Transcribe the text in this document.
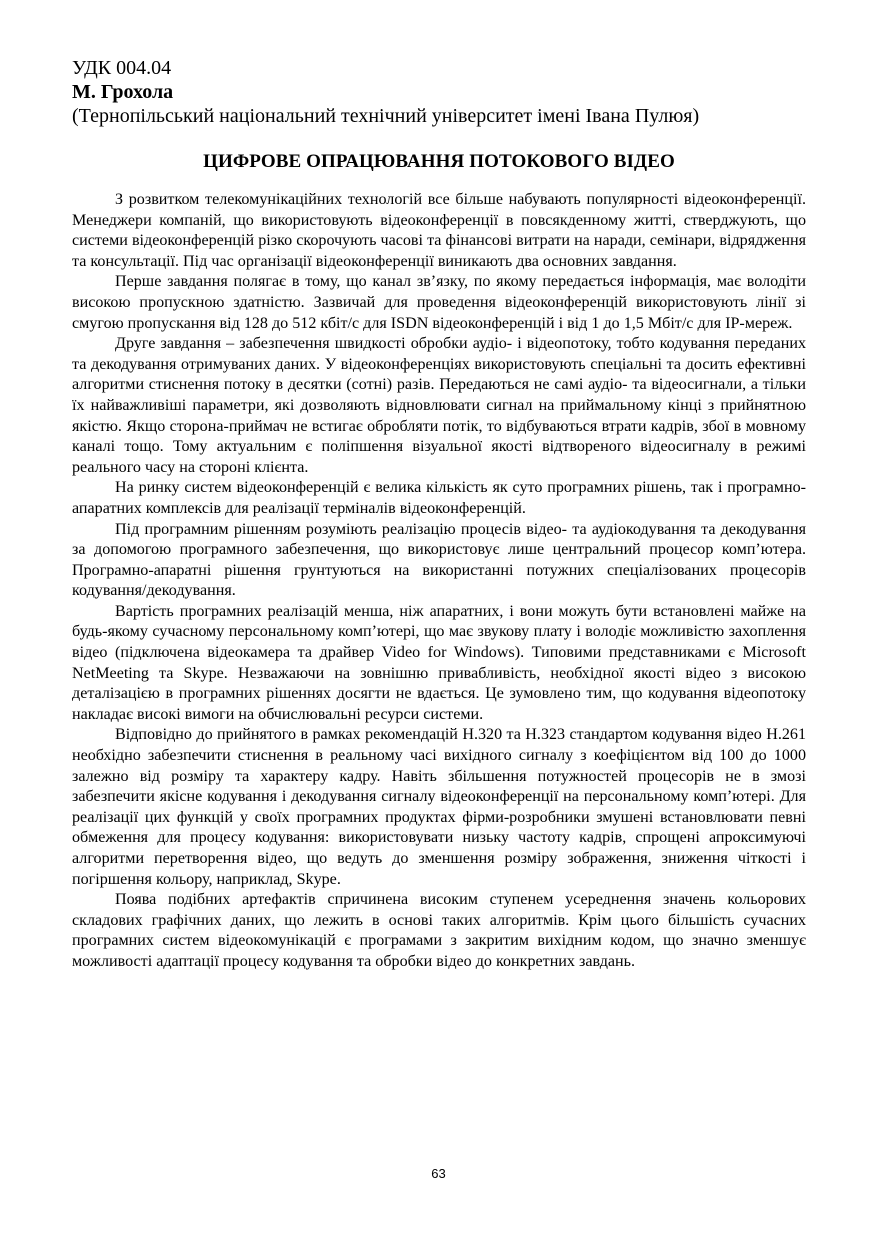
УДК 004.04

М. Грохола

(Тернопільський національний технічний університет імені Івана Пулюя)

ЦИФРОВЕ ОПРАЦЮВАННЯ ПОТОКОВОГО ВІДЕО

З розвитком телекомунікаційних технологій все більше набувають популярності відеоконференції. Менеджери компаній, що використовують відеоконференції в повсякденному житті, стверджують, що системи відеоконференцій різко скорочують часові та фінансові витрати на наради, семінари, відрядження та консультації. Під час організації відеоконференції виникають два основних завдання.

Перше завдання полягає в тому, що канал зв’язку, по якому передається інформація, має володіти високою пропускною здатністю. Зазвичай для проведення відеоконференцій використовують лінії зі смугою пропускання від 128 до 512 кбіт/с для ISDN відеоконференцій і від 1 до 1,5 Мбіт/с для IP-мереж.

Друге завдання – забезпечення швидкості обробки аудіо- і відеопотоку, тобто кодування переданих та декодування отримуваних даних. У відеоконференціях використовують спеціальні та досить ефективні алгоритми стиснення потоку в десятки (сотні) разів. Передаються не самі аудіо- та відеосигнали, а тільки їх найважливіші параметри, які дозволяють відновлювати сигнал на приймальному кінці з прийнятною якістю. Якщо сторона-приймач не встигає обробляти потік, то відбуваються втрати кадрів, збої в мовному каналі тощо. Тому актуальним є поліпшення візуальної якості відтвореного відеосигналу в режимі реального часу на стороні клієнта.

На ринку систем відеоконференцій є велика кількість як суто програмних рішень, так і програмно-апаратних комплексів для реалізації терміналів відеоконференцій.

Під програмним рішенням розуміють реалізацію процесів відео- та аудіокодування та декодування за допомогою програмного забезпечення, що використовує лише центральний процесор комп’ютера. Програмно-апаратні рішення грунтуються на використанні потужних спеціалізованих процесорів кодування/декодування.

Вартість програмних реалізацій менша, ніж апаратних, і вони можуть бути встановлені майже на будь-якому сучасному персональному комп’ютері, що має звукову плату і володіє можливістю захоплення відео (підключена відеокамера та драйвер Video for Windows). Типовими представниками є Microsoft NetMeeting та Skype. Незважаючи на зовнішню привабливість, необхідної якості відео з високою деталізацією в програмних рішеннях досягти не вдається. Це зумовлено тим, що кодування відеопотоку накладає високі вимоги на обчислювальні ресурси системи.

Відповідно до прийнятого в рамках рекомендацій H.320 та H.323 стандартом кодування відео H.261 необхідно забезпечити стиснення в реальному часі вихідного сигналу з коефіцієнтом від 100 до 1000 залежно від розміру та характеру кадру. Навіть збільшення потужностей процесорів не в змозі забезпечити якісне кодування і декодування сигналу відеоконференції на персональному комп’ютері. Для реалізації цих функцій у своїх програмних продуктах фірми-розробники змушені встановлювати певні обмеження для процесу кодування: використовувати низьку частоту кадрів, спрощені апроксимуючі алгоритми перетворення відео, що ведуть до зменшення розміру зображення, зниження чіткості і погіршення кольору, наприклад, Skype.

Поява подібних артефактів спричинена високим ступенем усереднення значень кольорових складових графічних даних, що лежить в основі таких алгоритмів. Крім цього більшість сучасних програмних систем відеокомунікацій є програмами з закритим вихідним кодом, що значно зменшує можливості адаптації процесу кодування та обробки відео до конкретних завдань.

63
